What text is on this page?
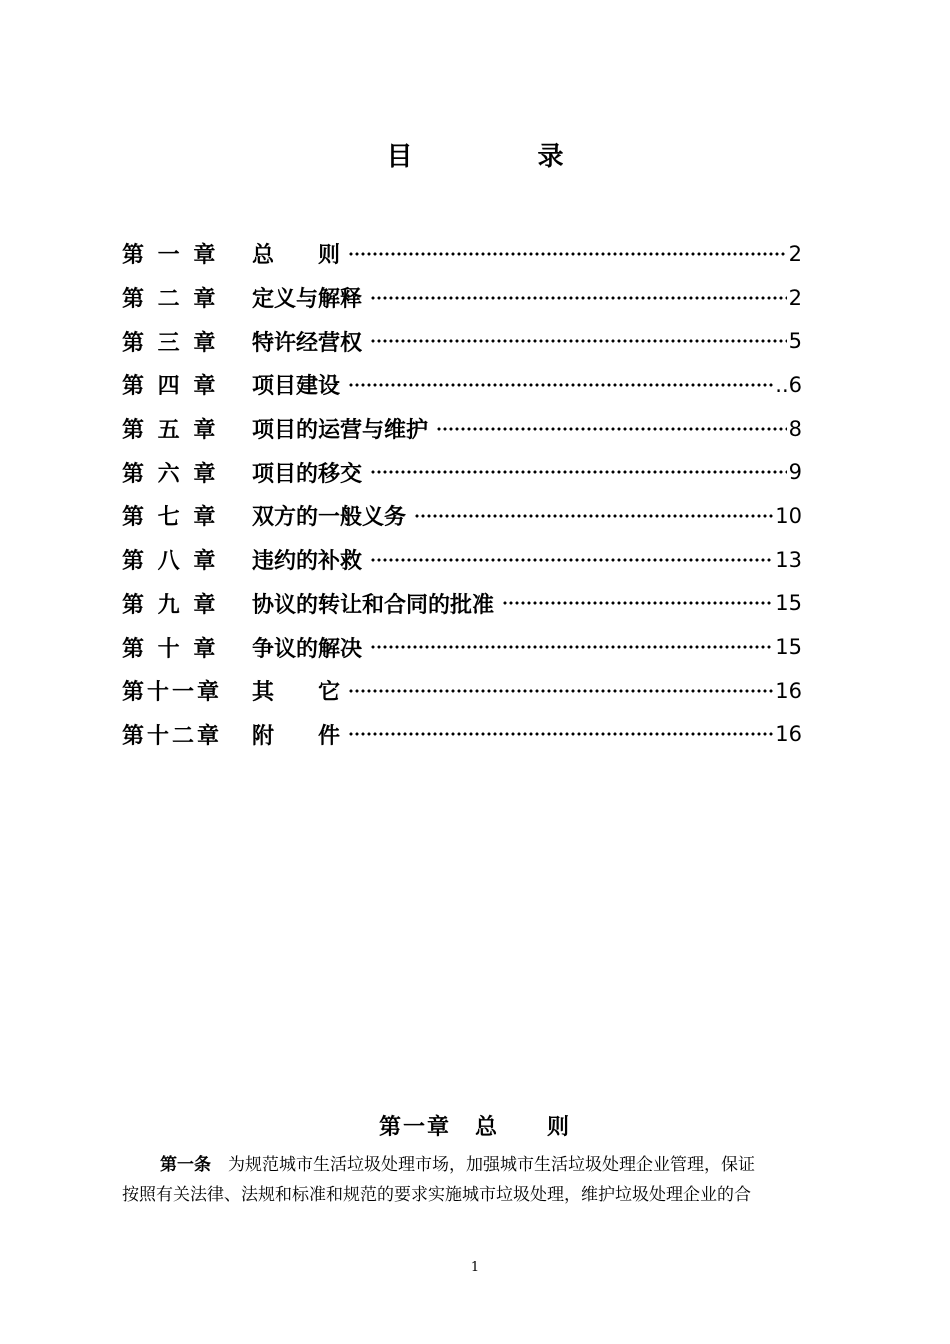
目 录
第 一 章	总　　则	2
第 二 章	定义与解释	2
第 三 章	特许经营权	5
第 四 章	项目建设	..6
第 五 章	项目的运营与维护	8
第 六 章	项目的移交	9
第 七 章	双方的一般义务	10
第 八 章	违约的补救	13
第 九 章	协议的转让和合同的批准	15
第 十 章	争议的解决	15
第十一章	其　　它	16
第十二章	附　　件	16
第一章　总　　则

第一条　为规范城市生活垃圾处理市场，加强城市生活垃圾处理企业管理，保证

按照有关法律、法规和标准和规范的要求实施城市垃圾处理，维护垃圾处理企业的合

1
